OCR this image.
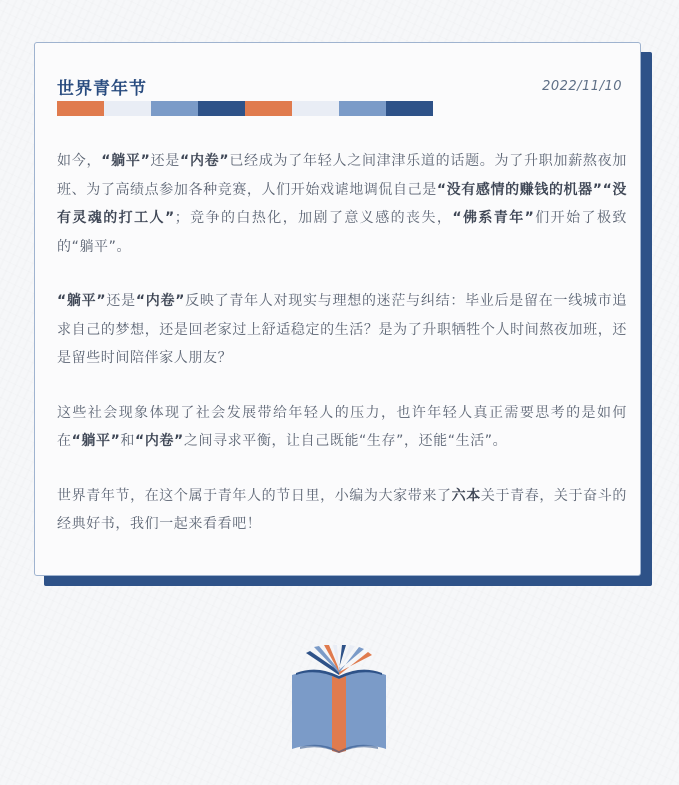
世界青年节	2022/11/10

如今，“躺平”还是“内卷”已经成为了年轻人之间津津乐道的话题。为了升职加薪熬夜加班、为了高绩点参加各种竞赛，人们开始戏谑地调侃自己是“没有感情的赚钱的机器”“没有灵魂的打工人”；竞争的白热化，加剧了意义感的丧失，“佛系青年”们开始了极致的“躺平”。

“躺平”还是“内卷”反映了青年人对现实与理想的迷茫与纠结：毕业后是留在一线城市追求自己的梦想，还是回老家过上舒适稳定的生活？是为了升职牺牲个人时间熬夜加班，还是留些时间陪伴家人朋友？

这些社会现象体现了社会发展带给年轻人的压力，也许年轻人真正需要思考的是如何在“躺平”和“内卷”之间寻求平衡，让自己既能“生存”，还能“生活”。

世界青年节，在这个属于青年人的节日里，小编为大家带来了六本关于青春，关于奋斗的经典好书，我们一起来看看吧！
